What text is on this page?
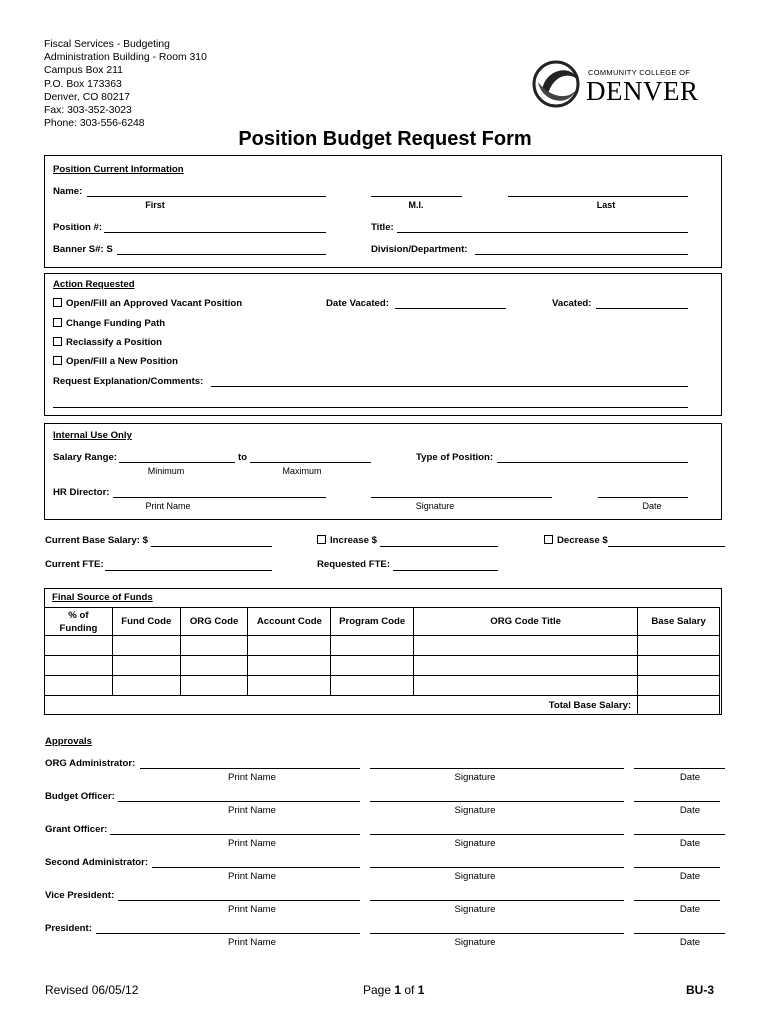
Fiscal Services - Budgeting
Administration Building - Room 310
Campus Box 211
P.O. Box 173363
Denver, CO 80217
Fax: 303-352-3023
Phone: 303-556-6248
COMMUNITY COLLEGE OF
DENVER
Position Budget Request Form
Position Current Information
Name:
First	M.I.	Last
Position #:	Title:
Banner S#: S	Division/Department:
Action Requested
Open/Fill an Approved Vacant Position	Date Vacated:	Vacated:
Change Funding Path
Reclassify a Position
Open/Fill a New Position
Request Explanation/Comments:
Internal Use Only
Salary Range:	to
Minimum	Maximum
Type of Position:
HR Director:
Print Name	Signature	Date
Current Base Salary: $	Increase $	Decrease $
Current FTE:	Requested FTE:
Final Source of Funds
% of Funding	Fund Code	ORG Code	Account Code	Program Code	ORG Code Title	Base Salary

Total Base Salary:						
Approvals
ORG Administrator:
Print Name	Signature	Date
Budget Officer:
Print Name	Signature	Date
Grant Officer:
Print Name	Signature	Date
Second Administrator:
Print Name	Signature	Date
Vice President:
Print Name	Signature	Date
President:
Print Name	Signature	Date
Revised 06/05/12	Page 1 of 1	BU-3
